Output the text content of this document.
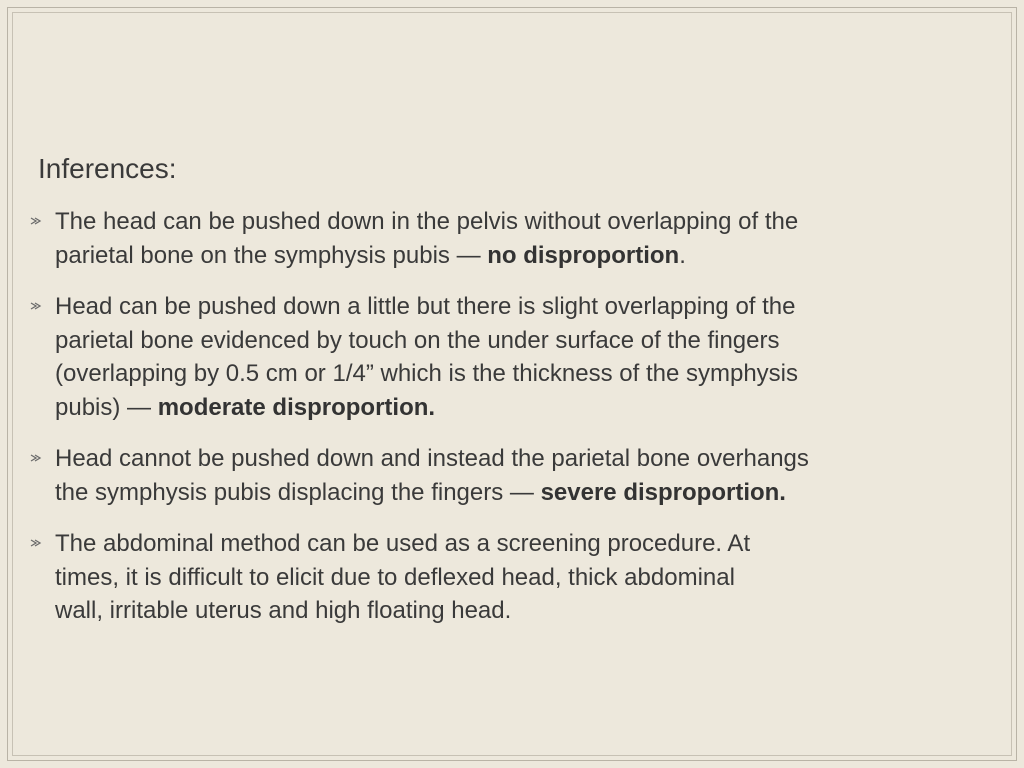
Inferences:
The head can be pushed down in the pelvis without overlapping of the
parietal bone on the symphysis pubis — no disproportion.
Head can be pushed down a little but there is slight overlapping of the
parietal bone evidenced by touch on the under surface of the fingers
(overlapping by 0.5 cm or 1/4” which is the thickness of the symphysis
pubis) — moderate disproportion.
Head cannot be pushed down and instead the parietal bone overhangs
the symphysis pubis displacing the fingers — severe disproportion.
The abdominal method can be used as a screening procedure. At
times, it is difficult to elicit due to deflexed head, thick abdominal
wall, irritable uterus and high floating head.
